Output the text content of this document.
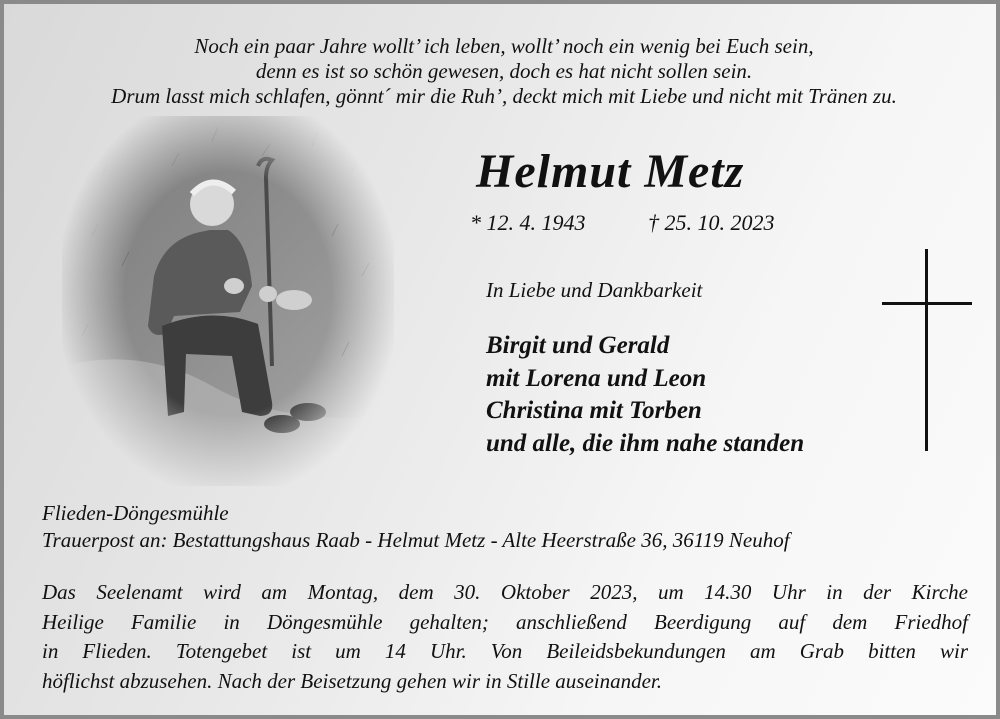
Noch ein paar Jahre wollt’ ich leben, wollt’ noch ein wenig bei Euch sein,
denn es ist so schön gewesen, doch es hat nicht sollen sein.
Drum lasst mich schlafen, gönnt´ mir die Ruh’, deckt mich mit Liebe und nicht mit Tränen zu.
Helmut Metz
* 12. 4. 1943	† 25. 10. 2023
In Liebe und Dankbarkeit
Birgit und Gerald
mit Lorena und Leon
Christina mit Torben
und alle, die ihm nahe standen
Flieden-Döngesmühle
Trauerpost an: Bestattungshaus Raab - Helmut Metz - Alte Heerstraße 36, 36119 Neuhof
Das Seelenamt wird am Montag, dem 30. Oktober 2023, um 14.30 Uhr in der Kirche
Heilige Familie in Döngesmühle gehalten; anschließend Beerdigung auf dem Friedhof
in Flieden. Totengebet ist um 14 Uhr. Von Beileidsbekundungen am Grab bitten wir
höflichst abzusehen. Nach der Beisetzung gehen wir in Stille auseinander.
